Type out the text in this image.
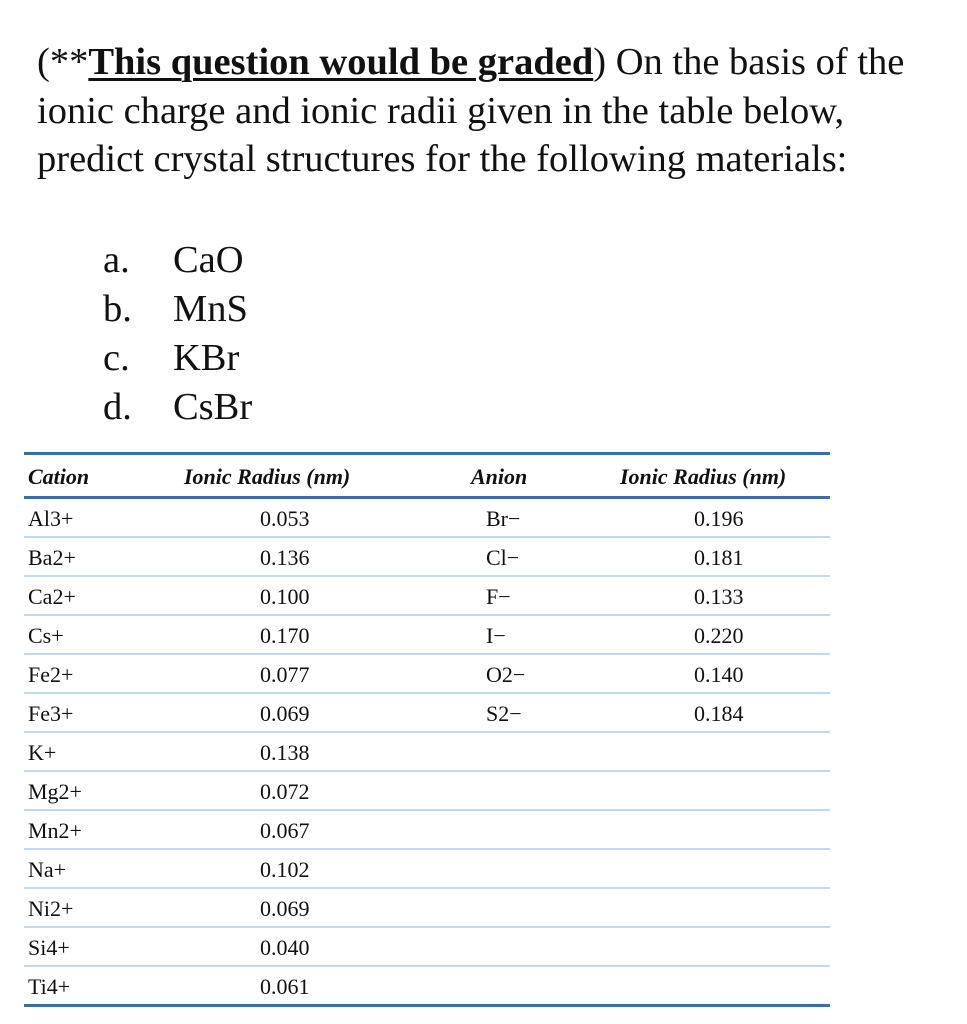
(**This question would be graded) On the basis of the ionic charge and ionic radii given in the table below, predict crystal structures for the following materials:
a.	CaO
b.	MnS
c.	KBr
d.	CsBr
Cation	Ionic Radius (nm)	Anion	Ionic Radius (nm)
Al3+	0.053	Br−	0.196
Ba2+	0.136	Cl−	0.181
Ca2+	0.100	F−	0.133
Cs+	0.170	I−	0.220
Fe2+	0.077	O2−	0.140
Fe3+	0.069	S2−	0.184
K+	0.138
Mg2+	0.072
Mn2+	0.067
Na+	0.102
Ni2+	0.069
Si4+	0.040
Ti4+	0.061
